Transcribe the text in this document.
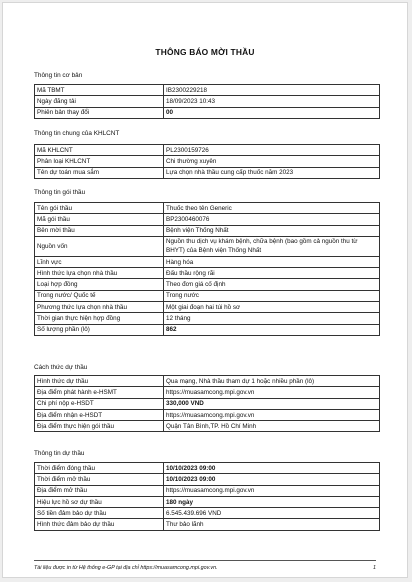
THÔNG BÁO MỜI THẦU
Thông tin cơ bản
Mã TBMT	IB2300229218
Ngày đăng tải	18/09/2023 10:43
Phiên bản thay đổi	00
Thông tin chung của KHLCNT
Mã KHLCNT	PL2300159726
Phân loại KHLCNT	Chi thường xuyên
Tên dự toán mua sắm	Lựa chọn nhà thầu cung cấp thuốc năm 2023
Thông tin gói thầu
Tên gói thầu	Thuốc theo tên Generic
Mã gói thầu	BP2300460076
Bên mời thầu	Bệnh viện Thống Nhất
Nguồn vốn	Nguồn thu dịch vụ khám bệnh, chữa bệnh (bao gồm cả nguồn thu từ BHYT) của Bệnh viện Thống Nhất
Lĩnh vực	Hàng hóa
Hình thức lựa chọn nhà thầu	Đấu thầu rộng rãi
Loại hợp đồng	Theo đơn giá cố định
Trong nước/ Quốc tế	Trong nước
Phương thức lựa chọn nhà thầu	Một giai đoạn hai túi hồ sơ
Thời gian thực hiện hợp đồng	12 tháng
Số lượng phần (lô)	862
Cách thức dự thầu
Hình thức dự thầu	Qua mạng, Nhà thầu tham dự 1 hoặc nhiều phần (lô)
Địa điểm phát hành e-HSMT	https://muasamcong.mpi.gov.vn
Chi phí nộp e-HSDT	330,000 VND
Địa điểm nhận e-HSDT	https://muasamcong.mpi.gov.vn
Địa điểm thực hiện gói thầu	Quận Tân Bình,TP. Hồ Chí Minh
Thông tin dự thầu
Thời điểm đóng thầu	10/10/2023 09:00
Thời điểm mở thầu	10/10/2023 09:00
Địa điểm mở thầu	https://muasamcong.mpi.gov.vn
Hiệu lực hồ sơ dự thầu	180 ngày
Số tiền đảm bảo dự thầu	6.545.439.696 VND
Hình thức đảm bảo dự thầu	Thư bảo lãnh
Tài liệu được in từ Hệ thống e-GP tại địa chỉ https://muasamcong.mpi.gov.vn.	1
